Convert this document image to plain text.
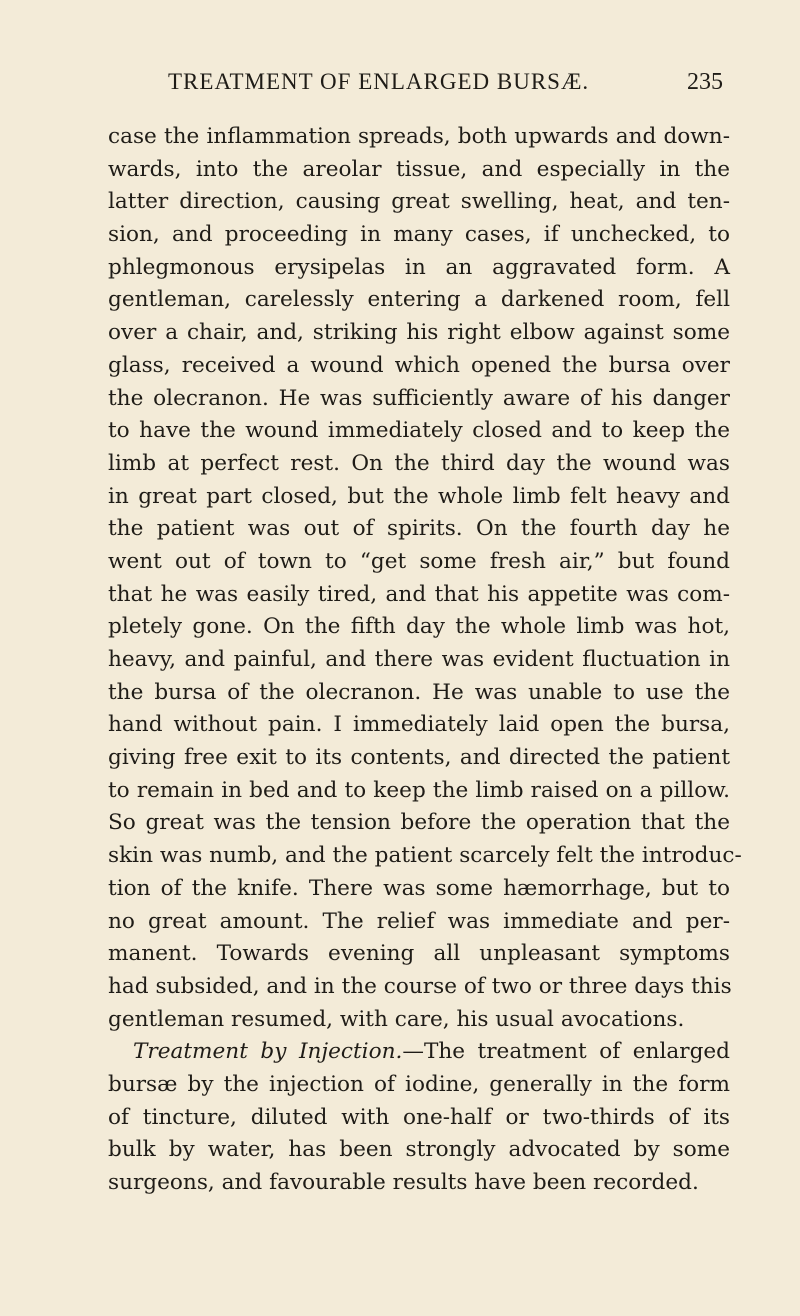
TREATMENT OF ENLARGED BURSÆ.	235
case the inflammation spreads, both upwards and down-
wards, into the areolar tissue, and especially in the
latter direction, causing great swelling, heat, and ten-
sion, and proceeding in many cases, if unchecked, to
phlegmonous erysipelas in an aggravated form. A
gentleman, carelessly entering a darkened room, fell
over a chair, and, striking his right elbow against some
glass, received a wound which opened the bursa over
the olecranon. He was sufficiently aware of his danger
to have the wound immediately closed and to keep the
limb at perfect rest. On the third day the wound was
in great part closed, but the whole limb felt heavy and
the patient was out of spirits. On the fourth day he
went out of town to “get some fresh air,” but found
that he was easily tired, and that his appetite was com-
pletely gone. On the fifth day the whole limb was hot,
heavy, and painful, and there was evident fluctuation in
the bursa of the olecranon. He was unable to use the
hand without pain. I immediately laid open the bursa,
giving free exit to its contents, and directed the patient
to remain in bed and to keep the limb raised on a pillow.
So great was the tension before the operation that the
skin was numb, and the patient scarcely felt the introduc-
tion of the knife. There was some hæmorrhage, but to
no great amount. The relief was immediate and per-
manent. Towards evening all unpleasant symptoms
had subsided, and in the course of two or three days this
gentleman resumed, with care, his usual avocations.
Treatment by Injection.—The treatment of enlarged
bursæ by the injection of iodine, generally in the form
of tincture, diluted with one-half or two-thirds of its
bulk by water, has been strongly advocated by some
surgeons, and favourable results have been recorded.
